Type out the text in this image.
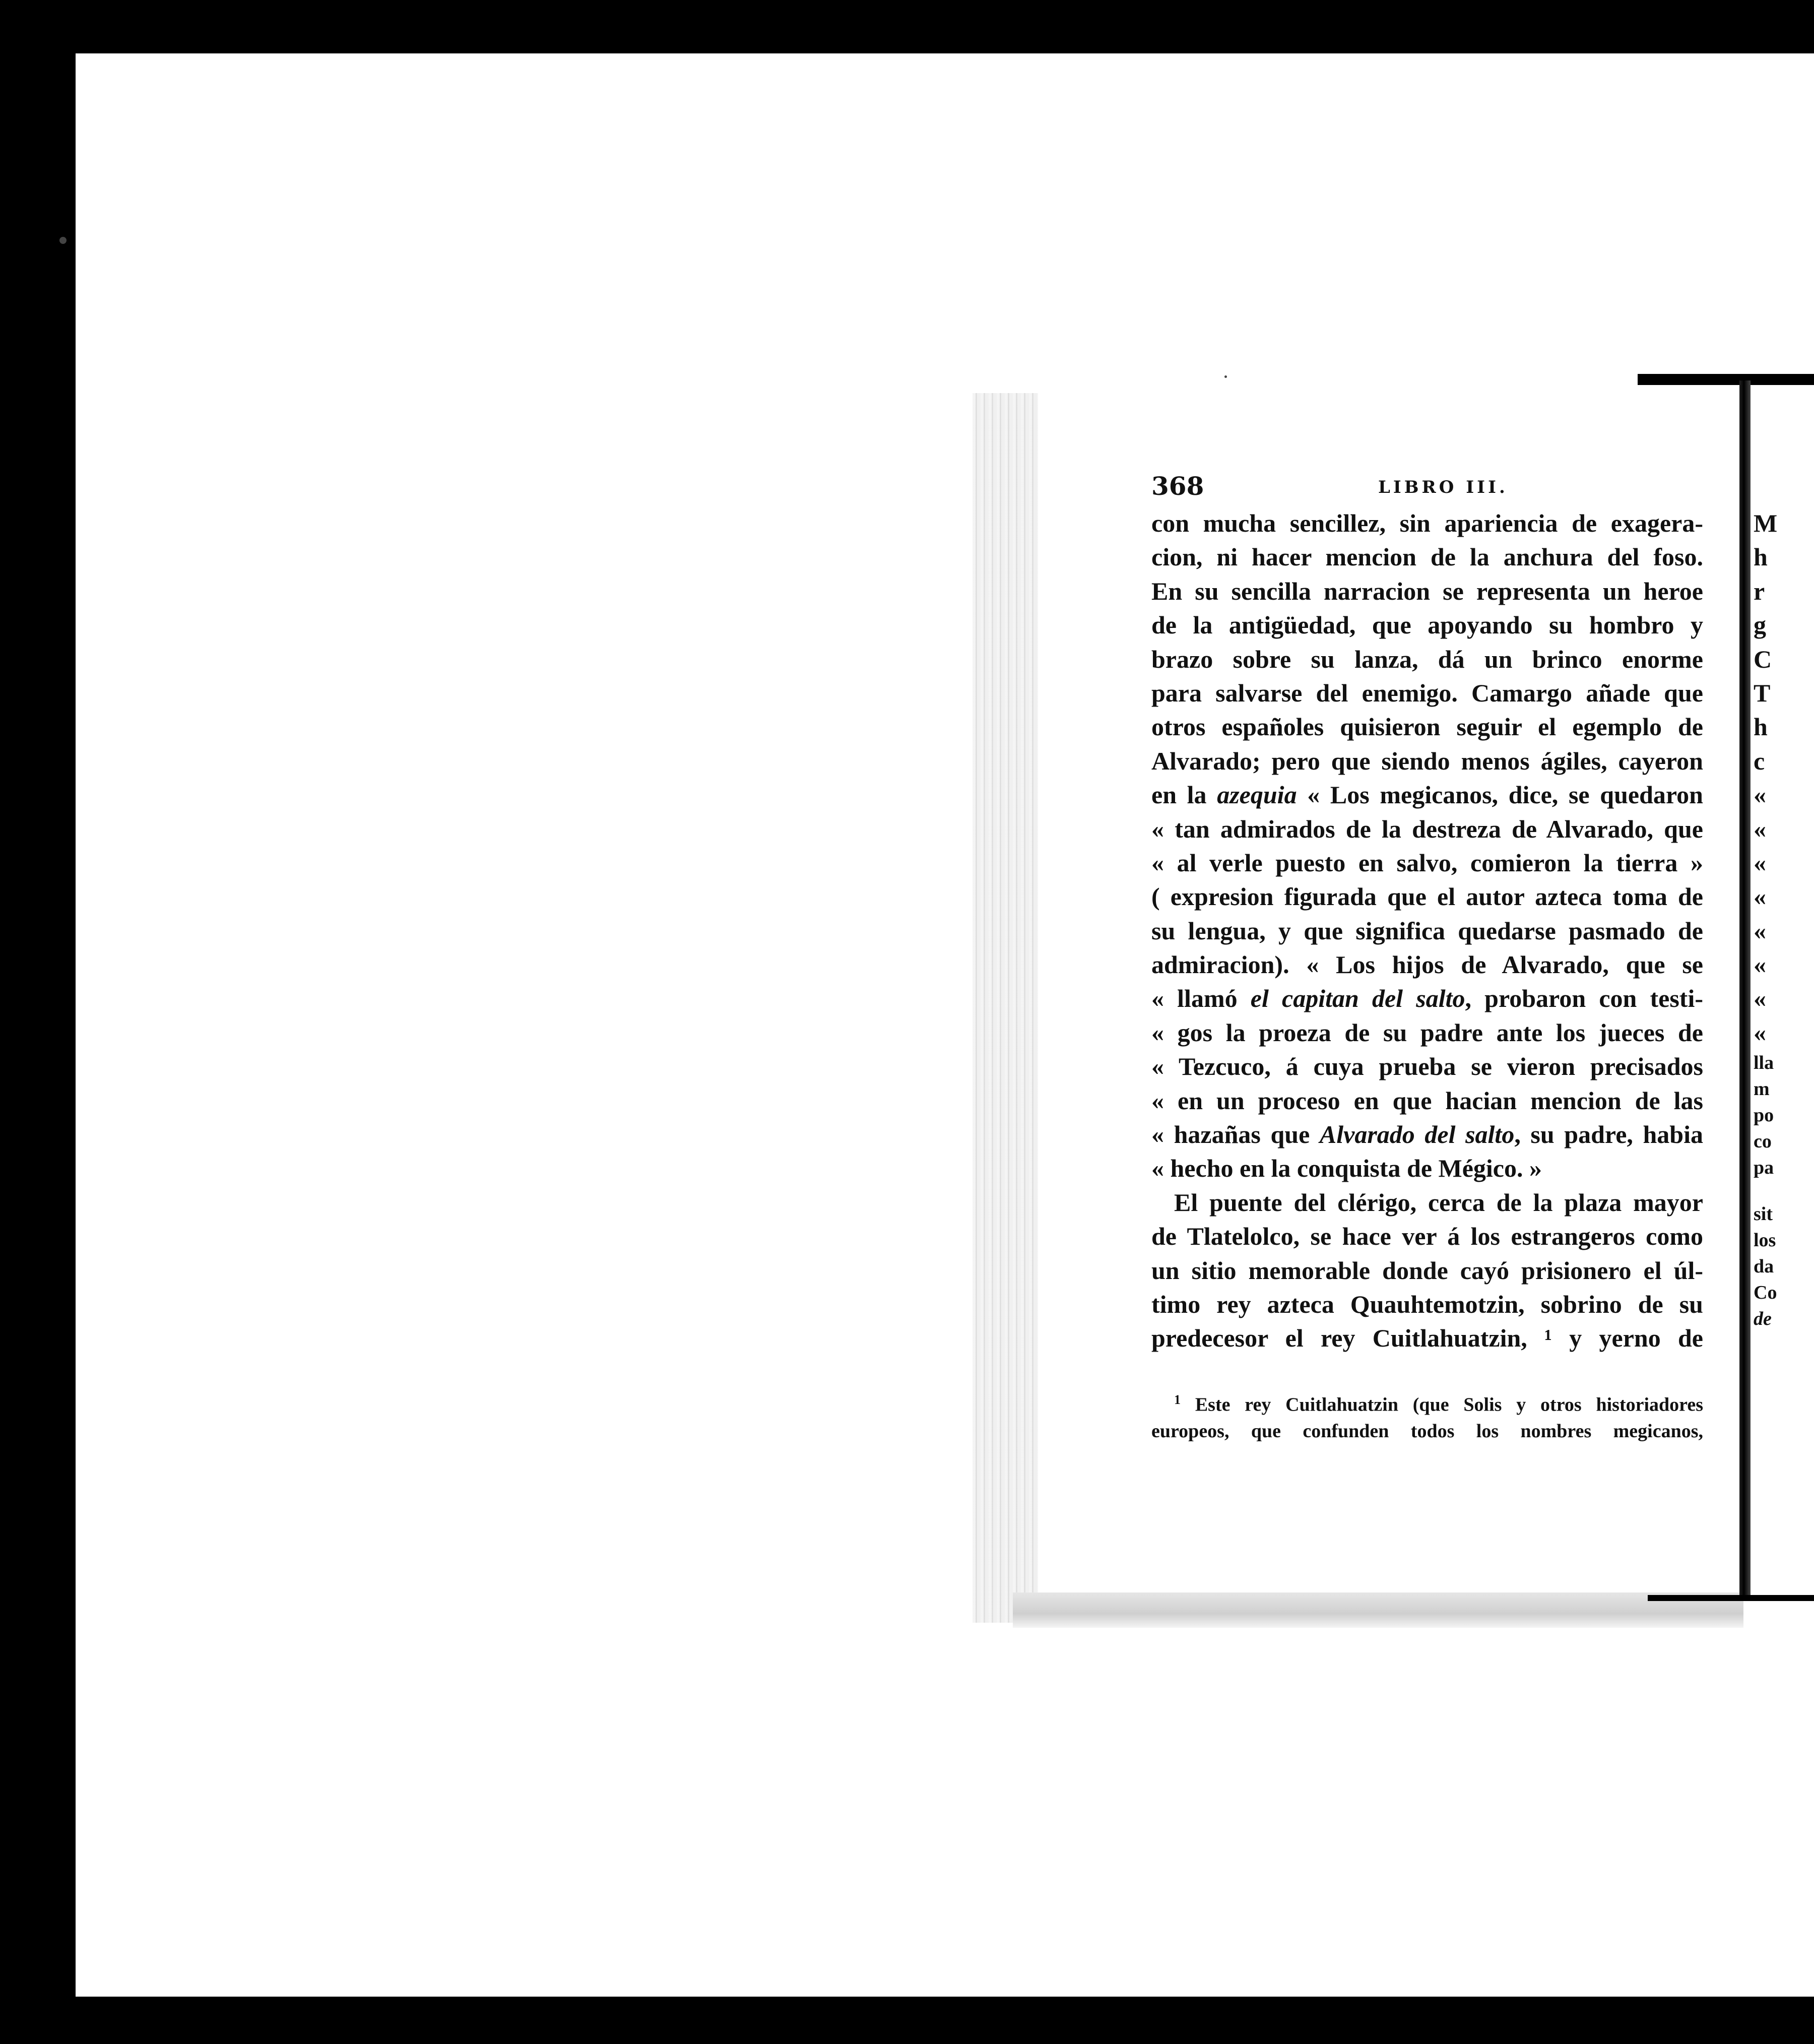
368	LIBRO III.
con mucha sencillez, sin apariencia de exagera-
cion, ni hacer mencion de la anchura del foso.
En su sencilla narracion se representa un heroe
de la antigüedad, que apoyando su hombro y
brazo sobre su lanza, dá un brinco enorme
para salvarse del enemigo. Camargo añade que
otros españoles quisieron seguir el egemplo de
Alvarado; pero que siendo menos ágiles, cayeron
en la azequia « Los megicanos, dice, se quedaron
« tan admirados de la destreza de Alvarado, que
« al verle puesto en salvo, comieron la tierra »
( expresion figurada que el autor azteca toma de
su lengua, y que significa quedarse pasmado de
admiracion). « Los hijos de Alvarado, que se
« llamó el capitan del salto, probaron con testi-
« gos la proeza de su padre ante los jueces de
« Tezcuco, á cuya prueba se vieron precisados
« en un proceso en que hacian mencion de las
« hazañas que Alvarado del salto, su padre, habia
« hecho en la conquista de Mégico. »
El puente del clérigo, cerca de la plaza mayor
de Tlatelolco, se hace ver á los estrangeros como
un sitio memorable donde cayó prisionero el úl-
timo rey azteca Quauhtemotzin, sobrino de su
predecesor el rey Cuitlahuatzin, ¹ y yerno de
$^1$ Este rey Cuitlahuatzin (que Solis y otros historiadores
europeos, que confunden todos los nombres megicanos,
M
h
r
g
C
T
h
c
«
«
«
«
«
«
«
«
lla
m
po
co
pa
sit
los
da
Co
de
